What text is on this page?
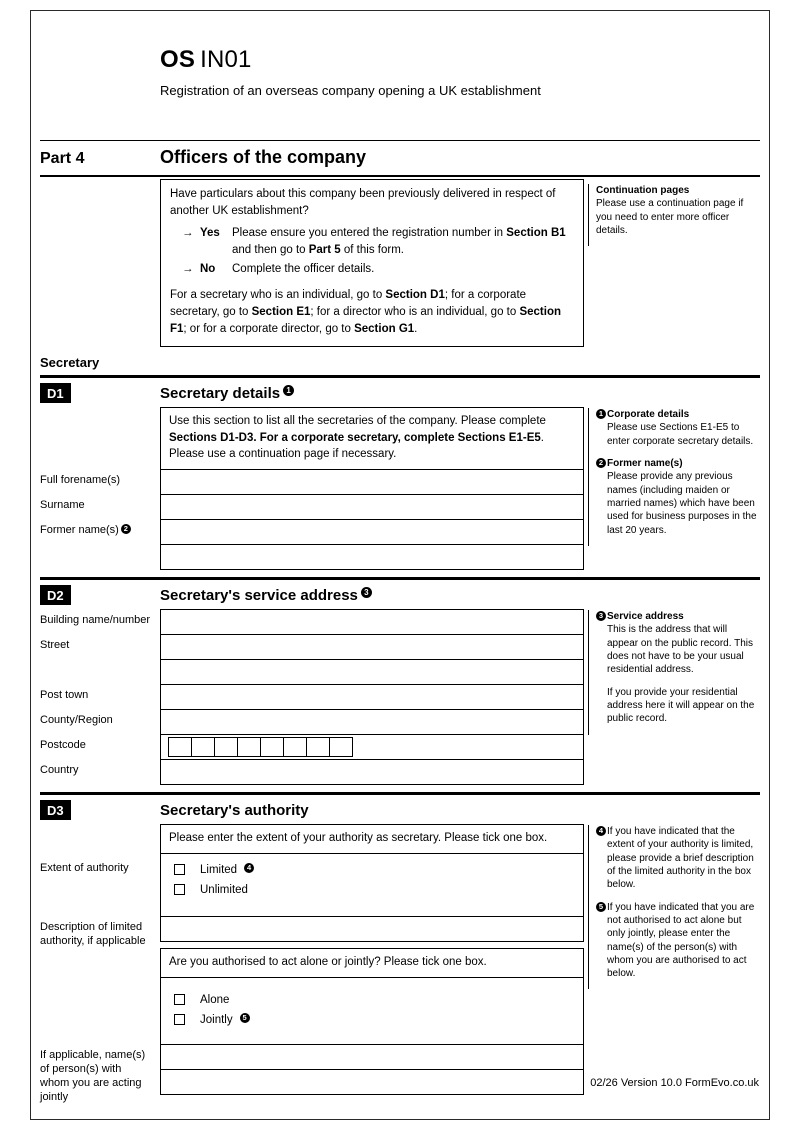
OS IN01
Registration of an overseas company opening a UK establishment
Part 4	Officers of the company

Have particulars about this company been previously delivered in respect of another UK establishment?

→ Yes	Please ensure you entered the registration number in Section B1 and then go to Part 5 of this form.
→ No	Complete the officer details.

For a secretary who is an individual, go to Section D1; for a corporate secretary, go to Section E1; for a director who is an individual, go to Section F1; or for a corporate director, go to Section G1.

Continuation pages
Please use a continuation page if you need to enter more officer details.
Secretary
D1	Secretary details 1
Use this section to list all the secretaries of the company. Please complete Sections D1-D3. For a corporate secretary, complete Sections E1-E5. Please use a continuation page if necessary.
Full forename(s)
Surname
Former name(s) 2
1 Corporate details
Please use Sections E1-E5 to enter corporate secretary details.
2 Former name(s)
Please provide any previous names (including maiden or married names) which have been used for business purposes in the last 20 years.
D2	Secretary's service address 3
Building name/number
Street
Post town
County/Region
Postcode
Country
3 Service address
This is the address that will appear on the public record. This does not have to be your usual residential address.
If you provide your residential address here it will appear on the public record.
D3	Secretary's authority
Please enter the extent of your authority as secretary. Please tick one box.
Extent of authority	Limited	4
Unlimited
Description of limited authority, if applicable
Are you authorised to act alone or jointly? Please tick one box.
Alone
Jointly	5
If applicable, name(s) of person(s) with whom you are acting jointly
4 If you have indicated that the extent of your authority is limited, please provide a brief description of the limited authority in the box below.
5 If you have indicated that you are not authorised to act alone but only jointly, please enter the name(s) of the person(s) with whom you are authorised to act below.
02/26 Version 10.0 FormEvo.co.uk
